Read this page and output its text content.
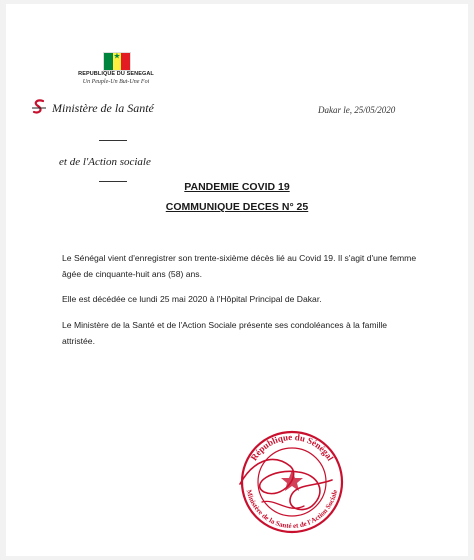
★
REPUBLIQUE DU SENEGAL
Un Peuple-Un But-Une Foi
Ministère de la Santé	Dakar le, 25/05/2020
et de l'Action sociale
PANDEMIE COVID 19
COMMUNIQUE DECES N° 25
Le Sénégal vient d'enregistrer son trente-sixième décès lié au Covid 19. Il s'agit d'une femme âgée de cinquante-huit ans (58) ans.
Elle est décédée ce lundi 25 mai 2020 à l'Hôpital Principal de Dakar.
Le Ministère de la Santé et de l'Action Sociale présente ses condoléances à la famille attristée.
République du Sénégal
Ministère de la Santé et de l'Action Sociale
